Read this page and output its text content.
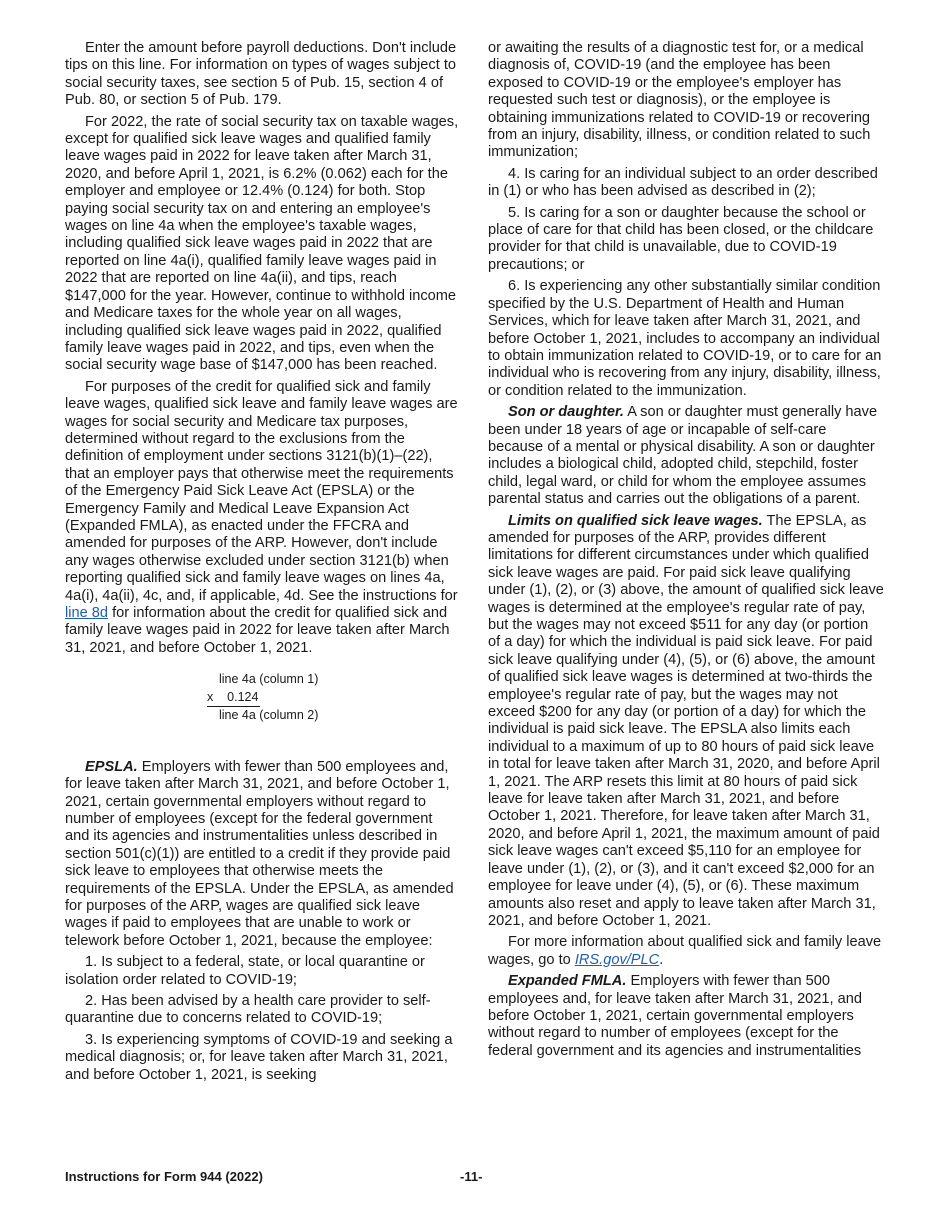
Enter the amount before payroll deductions. Don't include tips on this line. For information on types of wages subject to social security taxes, see section 5 of Pub. 15, section 4 of Pub. 80, or section 5 of Pub. 179.

For 2022, the rate of social security tax on taxable wages, except for qualified sick leave wages and qualified family leave wages paid in 2022 for leave taken after March 31, 2020, and before April 1, 2021, is 6.2% (0.062) each for the employer and employee or 12.4% (0.124) for both. Stop paying social security tax on and entering an employee's wages on line 4a when the employee's taxable wages, including qualified sick leave wages paid in 2022 that are reported on line 4a(i), qualified family leave wages paid in 2022 that are reported on line 4a(ii), and tips, reach $147,000 for the year. However, continue to withhold income and Medicare taxes for the whole year on all wages, including qualified sick leave wages paid in 2022, qualified family leave wages paid in 2022, and tips, even when the social security wage base of $147,000 has been reached.

For purposes of the credit for qualified sick and family leave wages, qualified sick leave and family leave wages are wages for social security and Medicare tax purposes, determined without regard to the exclusions from the definition of employment under sections 3121(b)(1)–(22), that an employer pays that otherwise meet the requirements of the Emergency Paid Sick Leave Act (EPSLA) or the Emergency Family and Medical Leave Expansion Act (Expanded FMLA), as enacted under the FFCRA and amended for purposes of the ARP. However, don't include any wages otherwise excluded under section 3121(b) when reporting qualified sick and family leave wages on lines 4a, 4a(i), 4a(ii), 4c, and, if applicable, 4d. See the instructions for line 8d for information about the credit for qualified sick and family leave wages paid in 2022 for leave taken after March 31, 2021, and before October 1, 2021.

line 4a (column 1)
x    0.124
line 4a (column 2)

EPSLA. Employers with fewer than 500 employees and, for leave taken after March 31, 2021, and before October 1, 2021, certain governmental employers without regard to number of employees (except for the federal government and its agencies and instrumentalities unless described in section 501(c)(1)) are entitled to a credit if they provide paid sick leave to employees that otherwise meets the requirements of the EPSLA. Under the EPSLA, as amended for purposes of the ARP, wages are qualified sick leave wages if paid to employees that are unable to work or telework before October 1, 2021, because the employee:

1. Is subject to a federal, state, or local quarantine or isolation order related to COVID-19;

2. Has been advised by a health care provider to self-quarantine due to concerns related to COVID-19;

3. Is experiencing symptoms of COVID-19 and seeking a medical diagnosis; or, for leave taken after March 31, 2021, and before October 1, 2021, is seeking

or awaiting the results of a diagnostic test for, or a medical diagnosis of, COVID-19 (and the employee has been exposed to COVID-19 or the employee's employer has requested such test or diagnosis), or the employee is obtaining immunizations related to COVID-19 or recovering from an injury, disability, illness, or condition related to such immunization;

4. Is caring for an individual subject to an order described in (1) or who has been advised as described in (2);

5. Is caring for a son or daughter because the school or place of care for that child has been closed, or the childcare provider for that child is unavailable, due to COVID-19 precautions; or

6. Is experiencing any other substantially similar condition specified by the U.S. Department of Health and Human Services, which for leave taken after March 31, 2021, and before October 1, 2021, includes to accompany an individual to obtain immunization related to COVID-19, or to care for an individual who is recovering from any injury, disability, illness, or condition related to the immunization.

Son or daughter. A son or daughter must generally have been under 18 years of age or incapable of self-care because of a mental or physical disability. A son or daughter includes a biological child, adopted child, stepchild, foster child, legal ward, or child for whom the employee assumes parental status and carries out the obligations of a parent.

Limits on qualified sick leave wages. The EPSLA, as amended for purposes of the ARP, provides different limitations for different circumstances under which qualified sick leave wages are paid. For paid sick leave qualifying under (1), (2), or (3) above, the amount of qualified sick leave wages is determined at the employee's regular rate of pay, but the wages may not exceed $511 for any day (or portion of a day) for which the individual is paid sick leave. For paid sick leave qualifying under (4), (5), or (6) above, the amount of qualified sick leave wages is determined at two-thirds the employee's regular rate of pay, but the wages may not exceed $200 for any day (or portion of a day) for which the individual is paid sick leave. The EPSLA also limits each individual to a maximum of up to 80 hours of paid sick leave in total for leave taken after March 31, 2020, and before April 1, 2021. The ARP resets this limit at 80 hours of paid sick leave for leave taken after March 31, 2021, and before October 1, 2021. Therefore, for leave taken after March 31, 2020, and before April 1, 2021, the maximum amount of paid sick leave wages can't exceed $5,110 for an employee for leave under (1), (2), or (3), and it can't exceed $2,000 for an employee for leave under (4), (5), or (6). These maximum amounts also reset and apply to leave taken after March 31, 2021, and before October 1, 2021.

For more information about qualified sick and family leave wages, go to IRS.gov/PLC.

Expanded FMLA. Employers with fewer than 500 employees and, for leave taken after March 31, 2021, and before October 1, 2021, certain governmental employers without regard to number of employees (except for the federal government and its agencies and instrumentalities

Instructions for Form 944 (2022)	-11-
